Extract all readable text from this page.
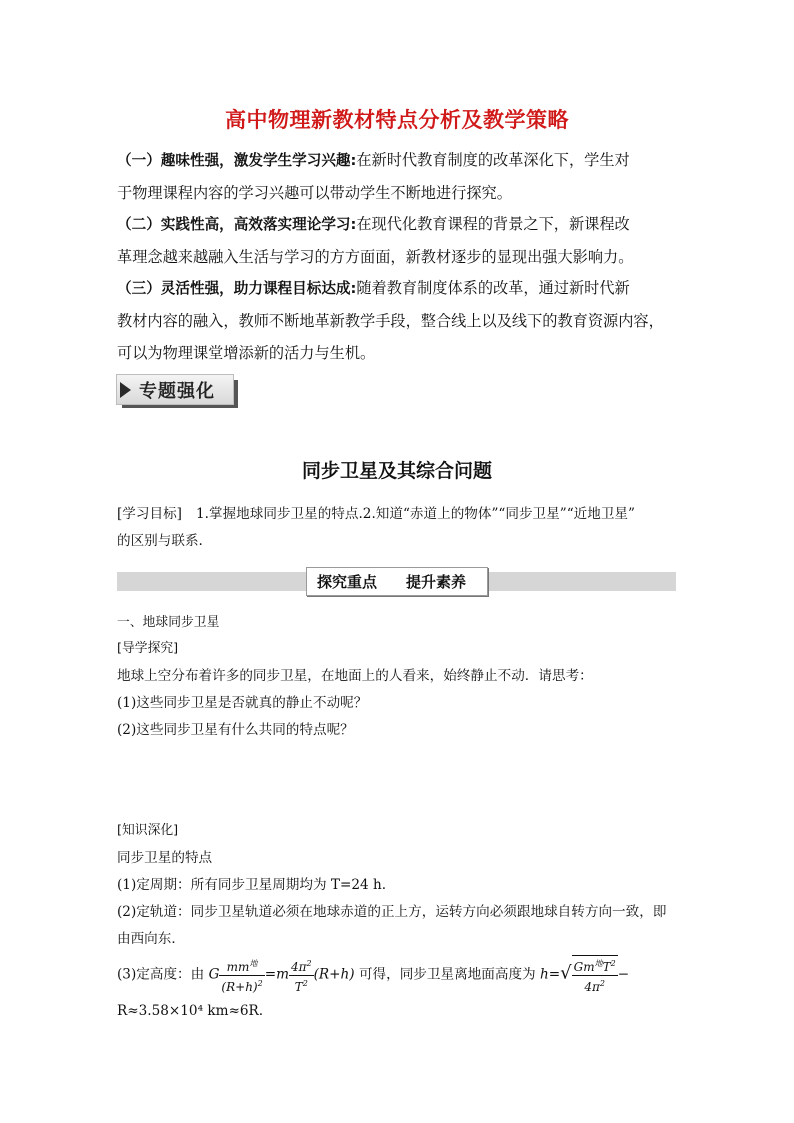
高中物理新教材特点分析及教学策略
（一）趣味性强，激发学生学习兴趣:在新时代教育制度的改革深化下，学生对
于物理课程内容的学习兴趣可以带动学生不断地进行探究。
（二）实践性高，高效落实理论学习:在现代化教育课程的背景之下，新课程改
革理念越来越融入生活与学习的方方面面，新教材逐步的显现出强大影响力。
（三）灵活性强，助力课程目标达成:随着教育制度体系的改革，通过新时代新
教材内容的融入，教师不断地革新教学手段，整合线上以及线下的教育资源内容，
可以为物理课堂增添新的活力与生机。
专题强化
同步卫星及其综合问题
[学习目标] 1.掌握地球同步卫星的特点.2.知道“赤道上的物体”“同步卫星”“近地卫星”
的区别与联系.
探究重点 提升素养
一、地球同步卫星
[导学探究]
地球上空分布着许多的同步卫星，在地面上的人看来，始终静止不动．请思考：
(1)这些同步卫星是否就真的静止不动呢？
(2)这些同步卫星有什么共同的特点呢？
[知识深化]
同步卫星的特点
(1)定周期：所有同步卫星周期均为 T=24 h.
(2)定轨道：同步卫星轨道必须在地球赤道的正上方，运转方向必须跟地球自转方向一致，即
由西向东．
(3)定高度：由 G $\frac{mm^地}{(R+h)^2} =m \frac{4\pi^2}{T^2} (R+h)$ 可得，同步卫星离地面高度为 $h=√ \frac{Gm^地T^2}{4\pi^2}$ −
R≈3.58×10⁴ km≈6R.
